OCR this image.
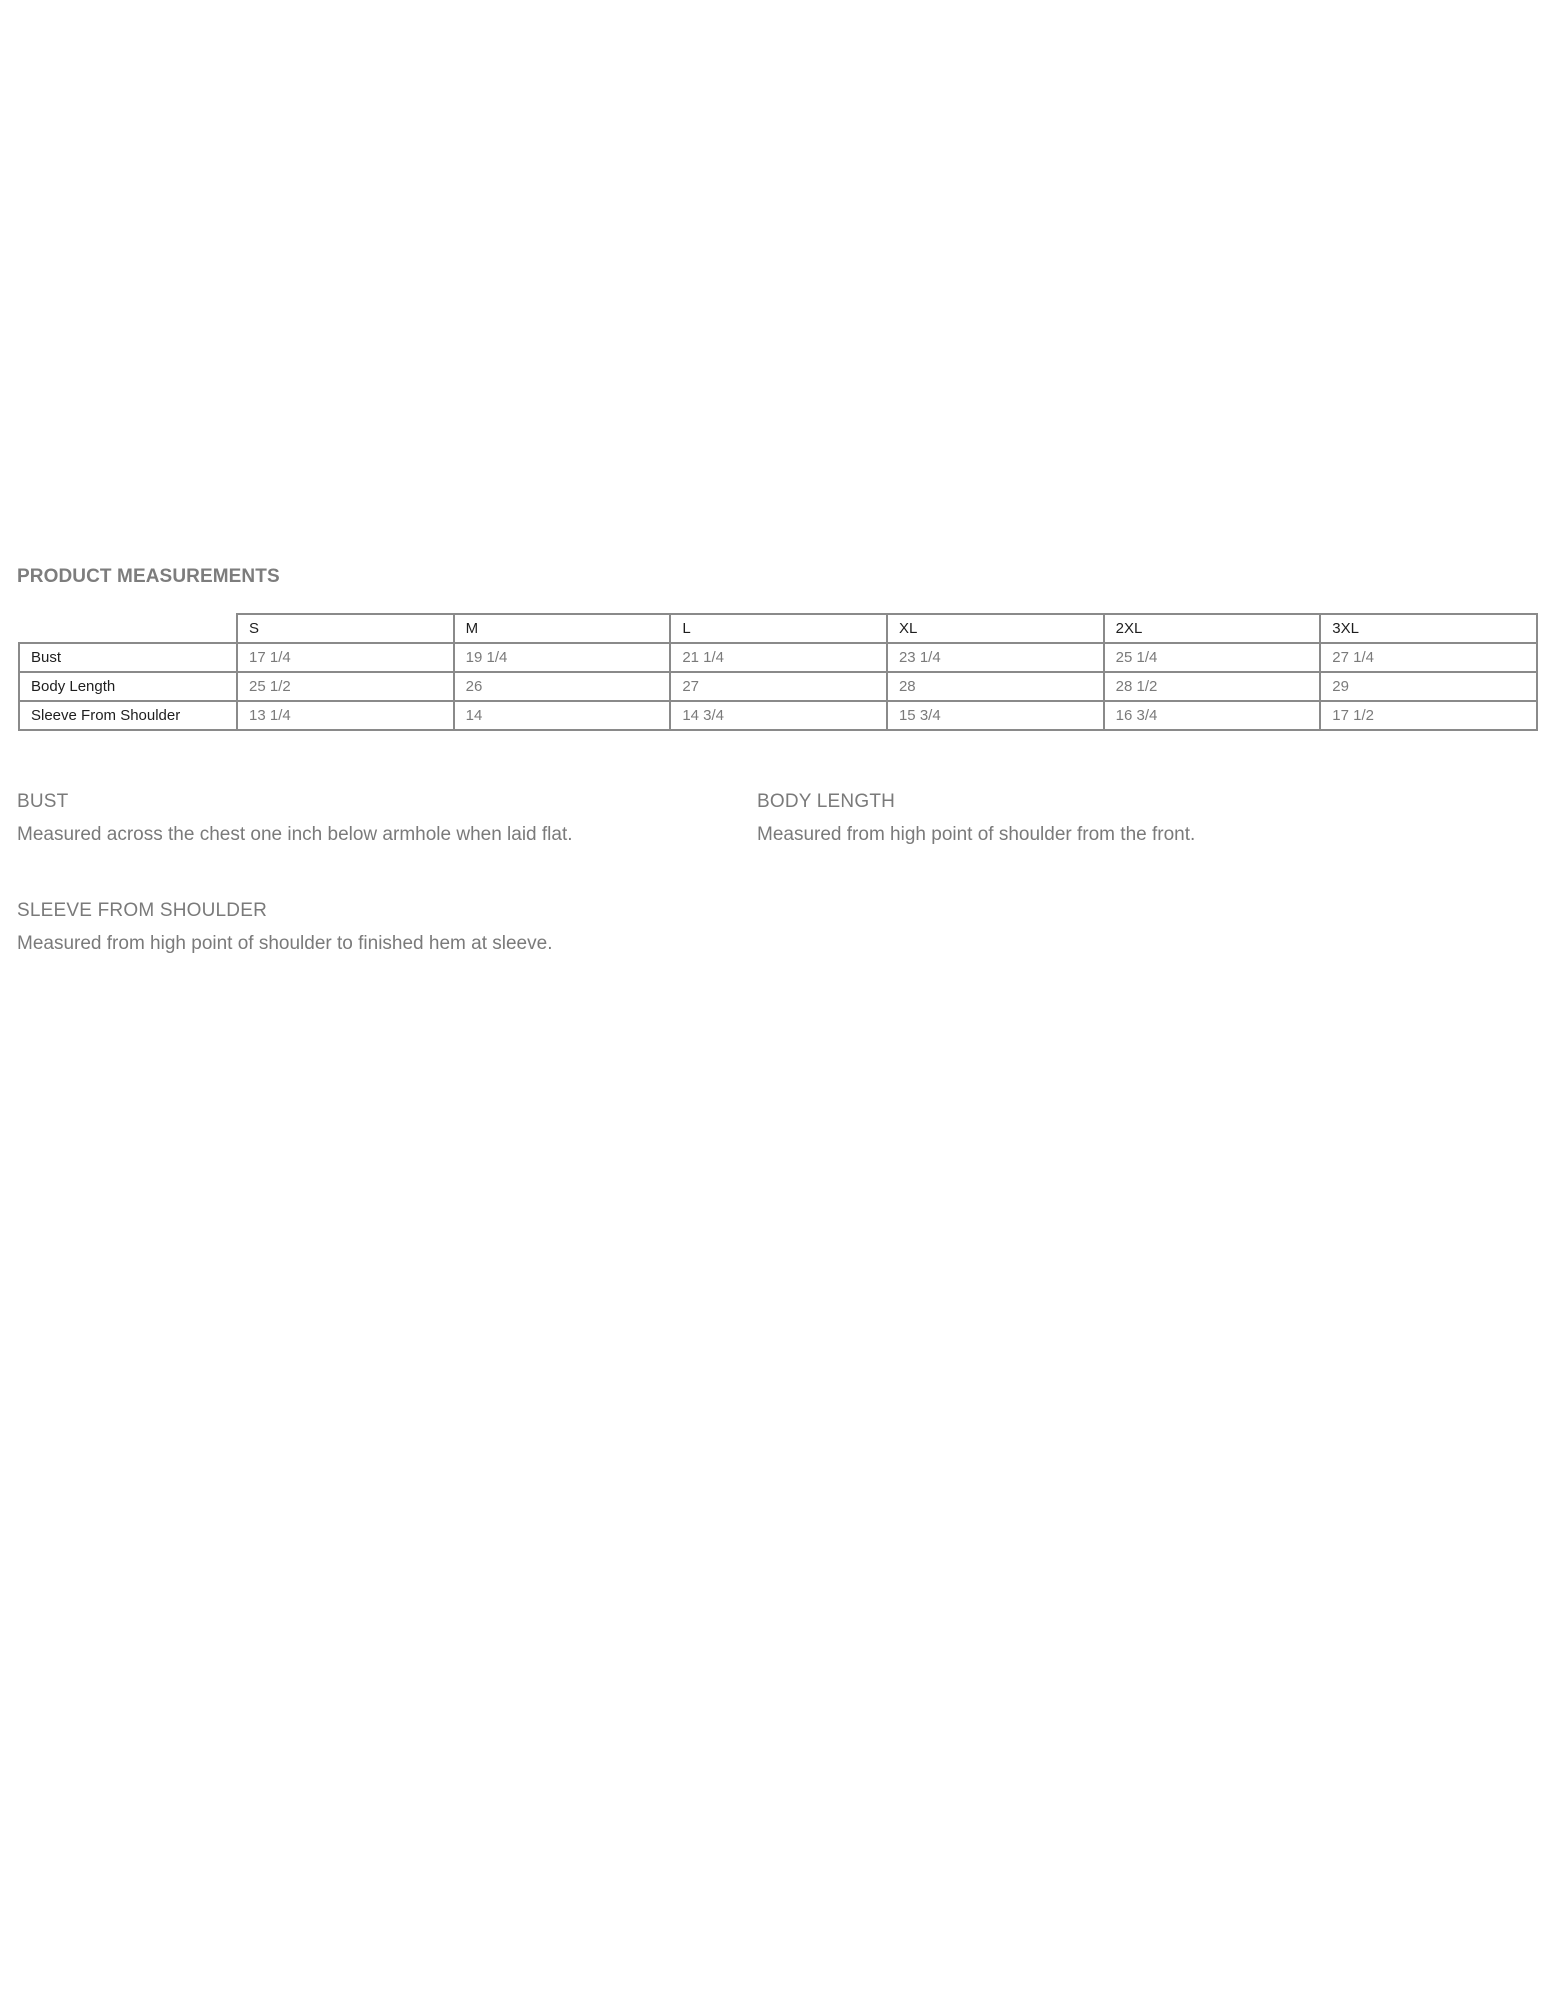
PRODUCT MEASUREMENTS
	S	M	L	XL	2XL	3XL
Bust	17 1/4	19 1/4	21 1/4	23 1/4	25 1/4	27 1/4
Body Length	25 1/2	26	27	28	28 1/2	29
Sleeve From Shoulder	13 1/4	14	14 3/4	15 3/4	16 3/4	17 1/2

BUST

Measured across the chest one inch below armhole when laid flat.

BODY LENGTH

Measured from high point of shoulder from the front.

SLEEVE FROM SHOULDER

Measured from high point of shoulder to finished hem at sleeve.
